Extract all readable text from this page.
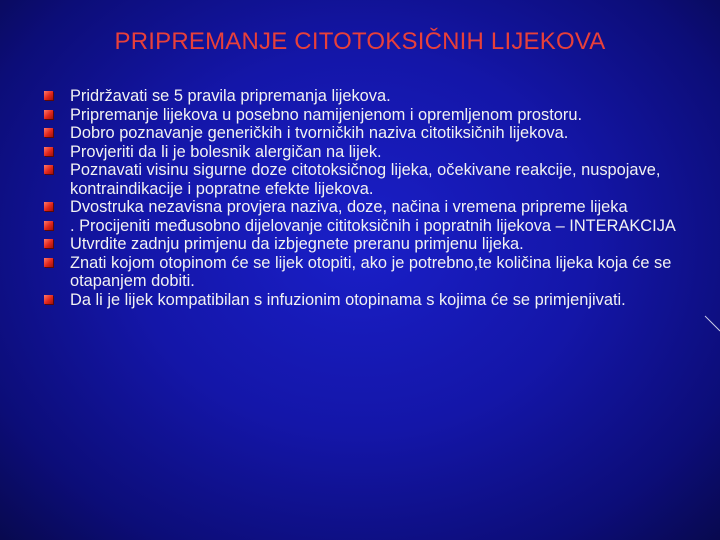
PRIPREMANJE CITOTOKSIČNIH LIJEKOVA
Pridržavati se 5 pravila pripremanja lijekova.
Pripremanje lijekova u posebno namijenjenom i opremljenom prostoru.
Dobro poznavanje generičkih i tvorničkih naziva citotiksičnih lijekova.
Provjeriti da li je bolesnik alergičan na lijek.
Poznavati visinu sigurne doze citotoksičnog lijeka, očekivane reakcije, nuspojave, kontraindikacije i popratne efekte lijekova.
Dvostruka nezavisna provjera naziva, doze, načina i vremena pripreme lijeka
. Procijeniti međusobno dijelovanje cititoksičnih i popratnih lijekova – INTERAKCIJA
Utvrdite zadnju primjenu da izbjegnete preranu primjenu lijeka.
Znati kojom otopinom će se lijek otopiti, ako je potrebno,te količina lijeka koja će se otapanjem dobiti.
Da li je lijek kompatibilan s infuzionim otopinama s kojima će se primjenjivati.
